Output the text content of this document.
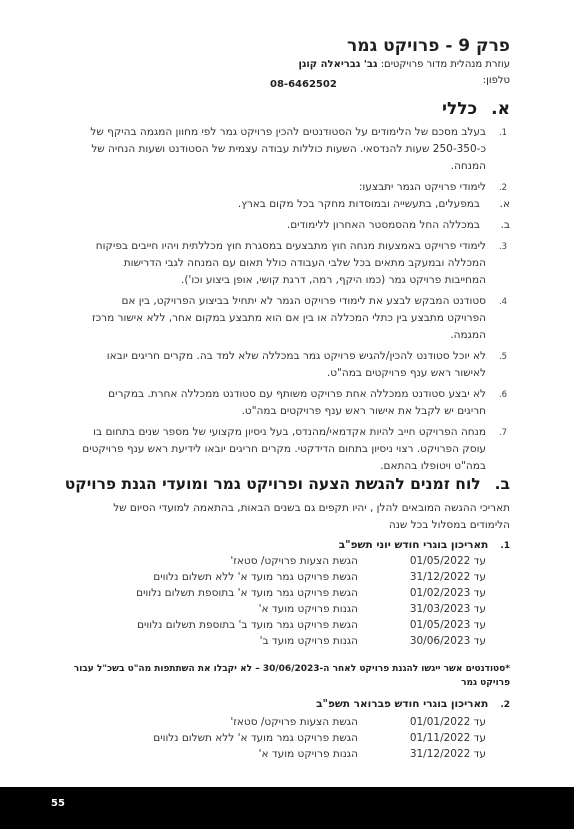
פרק 9 - פרויקט גמר
עוזרת מנהלית מדור פרויקטים: גב' גבריאלה קוגן
טלפון:
08-6462502
א.כללי
1.
בעלב מסכם של הלימודים על הסטודנטים להכין פרויקט גמר לפי מחוון המגמה בהיקף של כ-250-350 שעות להנדסאי. השעות כוללות עבודה עצמית של הסטודנט ושעות הנחיה של המנחה.
2.
לימודי פרויקט הגמר יתבצעו:
א.
במפעלים, בתעשייה ובמוסדות מחקר בכל מקום בארץ.
ב.
במכללה החל מהסמסטר האחרון ללימודים.
3.
לימודי פרויקט באמצעות מנחה חוץ מתבצעים במסגרת חוץ מכללתית ויהיו חייבים בפיקוח המכללה ובמעקב מתאים בכל שלבי העבודה כולל תאום עם המנחה לגבי הדרישות המחייבות פרויקט גמר (כמו היקף, רמה, דרגת קושי, אופן ביצוע וכו').
4.
סטודנט המבקש לבצע את לימודי פרויקט הגמר לא יתחיל בביצוע הפרויקט, בין אם הפרויקט מתבצע בין כתלי המכללה או בין אם הוא מתבצע במקום אחר, ללא אישור מרכז המגמה.
5.
לא יוכל סטודנט להכין/להגיש פרויקט גמר במכללה שלא למד בה. מקרים חריגים יובאו לאישור ראש ענף פרויקטים במה"ט.
6.
לא יבצע סטודנט ממכללה אחת פרויקט משותף עם סטודנט ממכללה אחרת. במקרים חריגים יש לקבל את אישור ראש ענף פרויקטים במה"ט.
7.
מנחה הפרויקט חייב להיות אקדמאי/מהנדס, בעל ניסיון מקצועי של מספר שנים בתחום בו עוסק הפרויקט. רצוי ניסיון בתחום הדידקטי. מקרים חריגים יובאו לידיעת ראש ענף פרויקטים במה"ט ויטופלו בהתאם.
ב.לוח זמנים להגשת הצעה ופרויקט גמר ומועדי הגנת פרויקט
תאריכי ההגשה המובאים להלן , יהיו תקפים גם בשנים הבאות, בהתאמה למועדי הסיום של הלימודים במסלול בכל שנה
1.תאריכון בוגרי חודש יוני תשפ"ב
עד 01/05/2022
הגשת הצעות פרויקט/ סטאז'
עד 31/12/2022
הגשת פרויקט גמר מועד א' ללא תשלום נלווים
עד 01/02/2023
הגשת פרויקט גמר מועד א' בתוספת תשלום נלווים
עד 31/03/2023
הגנות פרויקט מועד א'
עד 01/05/2023
הגשת פרויקט גמר מועד ב' בתוספת תשלום נלווים
עד 30/06/2023
הגנות פרויקט מועד ב'
*סטודנטים אשר ייגשו להגנת פרויקט לאחר ה-30/06/2023 – לא יקבלו את השתתפות מה"ט בשכ"ל עבור פרויקט גמר
2.תאריכון בוגרי חודש פברואר תשפ"ב
עד 01/01/2022
הגשת הצעות פרויקט/ סטאז'
עד 01/11/2022
הגשת פרויקט גמר מועד א' ללא תשלום נלווים
עד 31/12/2022
הגנות פרויקט מועד א'
55
